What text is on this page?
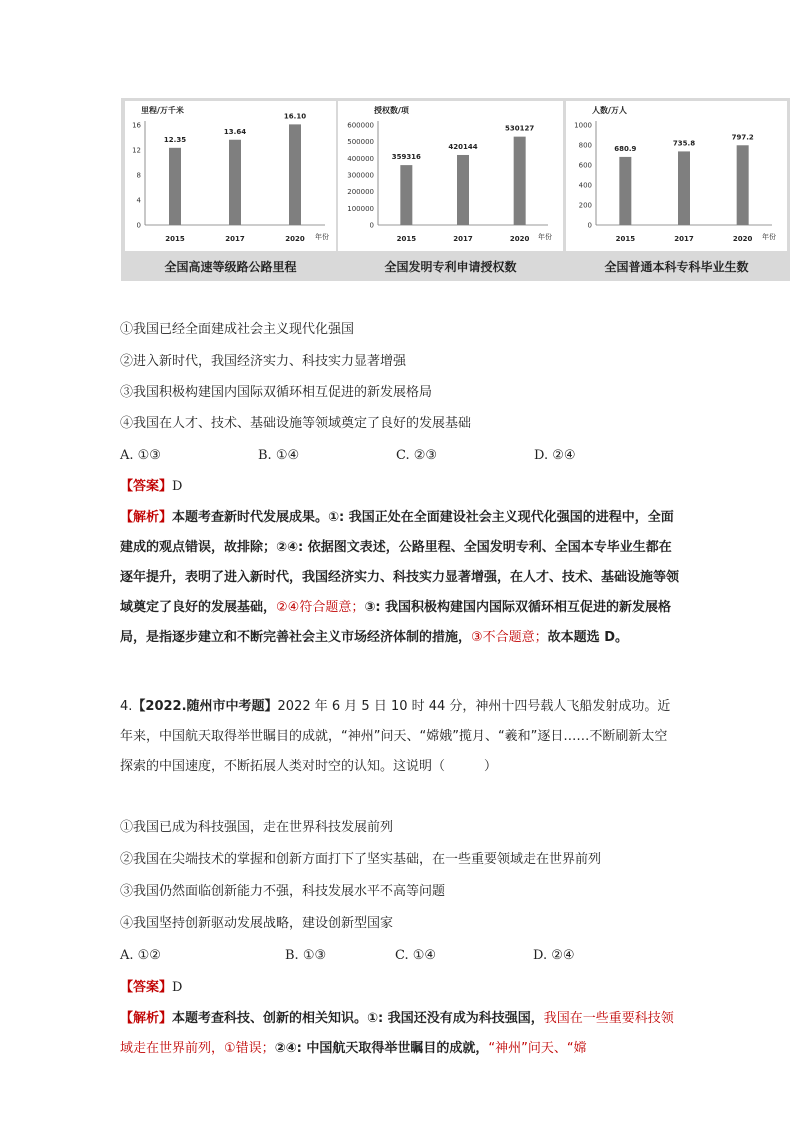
里程/万千米
16
12
8
4
0
12.35
2015
13.64
2017
16.10
2020 年份
授权数/项
600000
500000
400000
300000
200000
100000
0
359316
2015
420144
2017
530127
2020 年份
人数/万人
1000
800
600
400
200
0
680.9
2015
735.8
2017
797.2
2020 年份
全国高速等级路公路里程	全国发明专利申请授权数	全国普通本科专科毕业生数
①我国已经全面建成社会主义现代化强国
②进入新时代，我国经济实力、科技实力显著增强
③我国积极构建国内国际双循环相互促进的新发展格局
④我国在人才、技术、基础设施等领域奠定了良好的发展基础
A. ①③	B. ①④	C. ②③	D. ②④
【答案】D
【解析】本题考查新时代发展成果。①: 我国正处在全面建设社会主义现代化强国的进程中，全面建成的观点错误，故排除；②④: 依据图文表述，公路里程、全国发明专利、全国本专毕业生都在逐年提升，表明了进入新时代，我国经济实力、科技实力显著增强，在人才、技术、基础设施等领域奠定了良好的发展基础，②④符合题意；③: 我国积极构建国内国际双循环相互促进的新发展格局，是指逐步建立和不断完善社会主义市场经济体制的措施，③不合题意；故本题选 D。
4.【2022.随州市中考题】2022 年 6 月 5 日 10 时 44 分，神州十四号载人飞船发射成功。近年来，中国航天取得举世瞩目的成就，“神州”问天、“嫦娥”揽月、“羲和”逐日……不断刷新太空探索的中国速度，不断拓展人类对时空的认知。这说明（　　　）
①我国已成为科技强国，走在世界科技发展前列
②我国在尖端技术的掌握和创新方面打下了坚实基础，在一些重要领域走在世界前列
③我国仍然面临创新能力不强，科技发展水平不高等问题
④我国坚持创新驱动发展战略，建设创新型国家
A. ①②	B. ①③	C. ①④	D. ②④
【答案】D
【解析】本题考查科技、创新的相关知识。①: 我国还没有成为科技强国，我国在一些重要科技领域走在世界前列，①错误；②④: 中国航天取得举世瞩目的成就，“神州”问天、“嫦
